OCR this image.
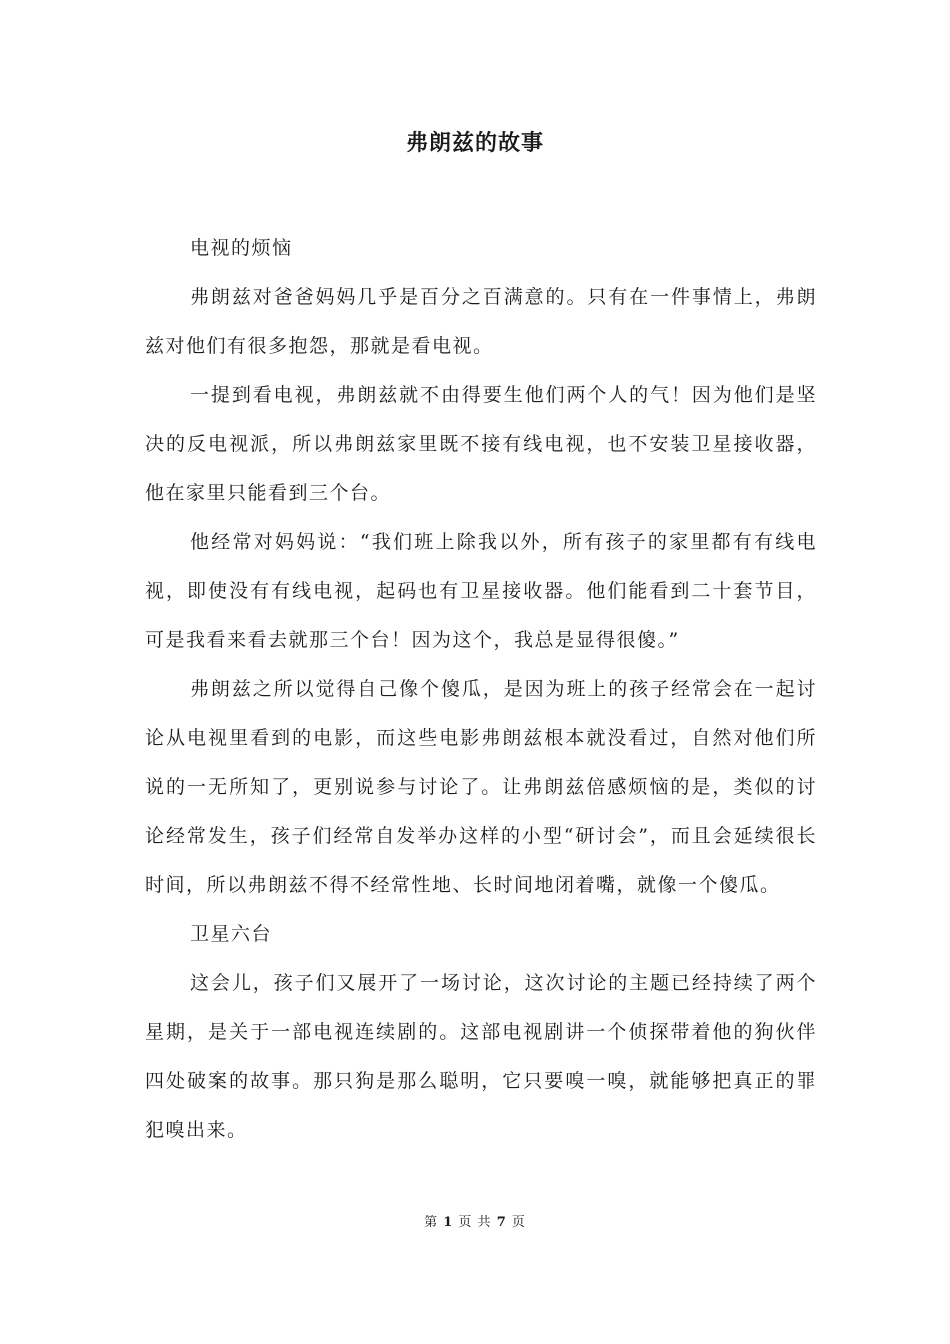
弗朗兹的故事

电视的烦恼

弗朗兹对爸爸妈妈几乎是百分之百满意的。只有在一件事情上，弗朗兹对他们有很多抱怨，那就是看电视。

一提到看电视，弗朗兹就不由得要生他们两个人的气！因为他们是坚决的反电视派，所以弗朗兹家里既不接有线电视，也不安装卫星接收器，他在家里只能看到三个台。

他经常对妈妈说：“我们班上除我以外，所有孩子的家里都有有线电视，即使没有有线电视，起码也有卫星接收器。他们能看到二十套节目，可是我看来看去就那三个台！因为这个，我总是显得很傻。”

弗朗兹之所以觉得自己像个傻瓜，是因为班上的孩子经常会在一起讨论从电视里看到的电影，而这些电影弗朗兹根本就没看过，自然对他们所说的一无所知了，更别说参与讨论了。让弗朗兹倍感烦恼的是，类似的讨论经常发生，孩子们经常自发举办这样的小型“研讨会”，而且会延续很长时间，所以弗朗兹不得不经常性地、长时间地闭着嘴，就像一个傻瓜。

卫星六台

这会儿，孩子们又展开了一场讨论，这次讨论的主题已经持续了两个星期，是关于一部电视连续剧的。这部电视剧讲一个侦探带着他的狗伙伴四处破案的故事。那只狗是那么聪明，它只要嗅一嗅，就能够把真正的罪犯嗅出来。

第 1 页 共 7 页
